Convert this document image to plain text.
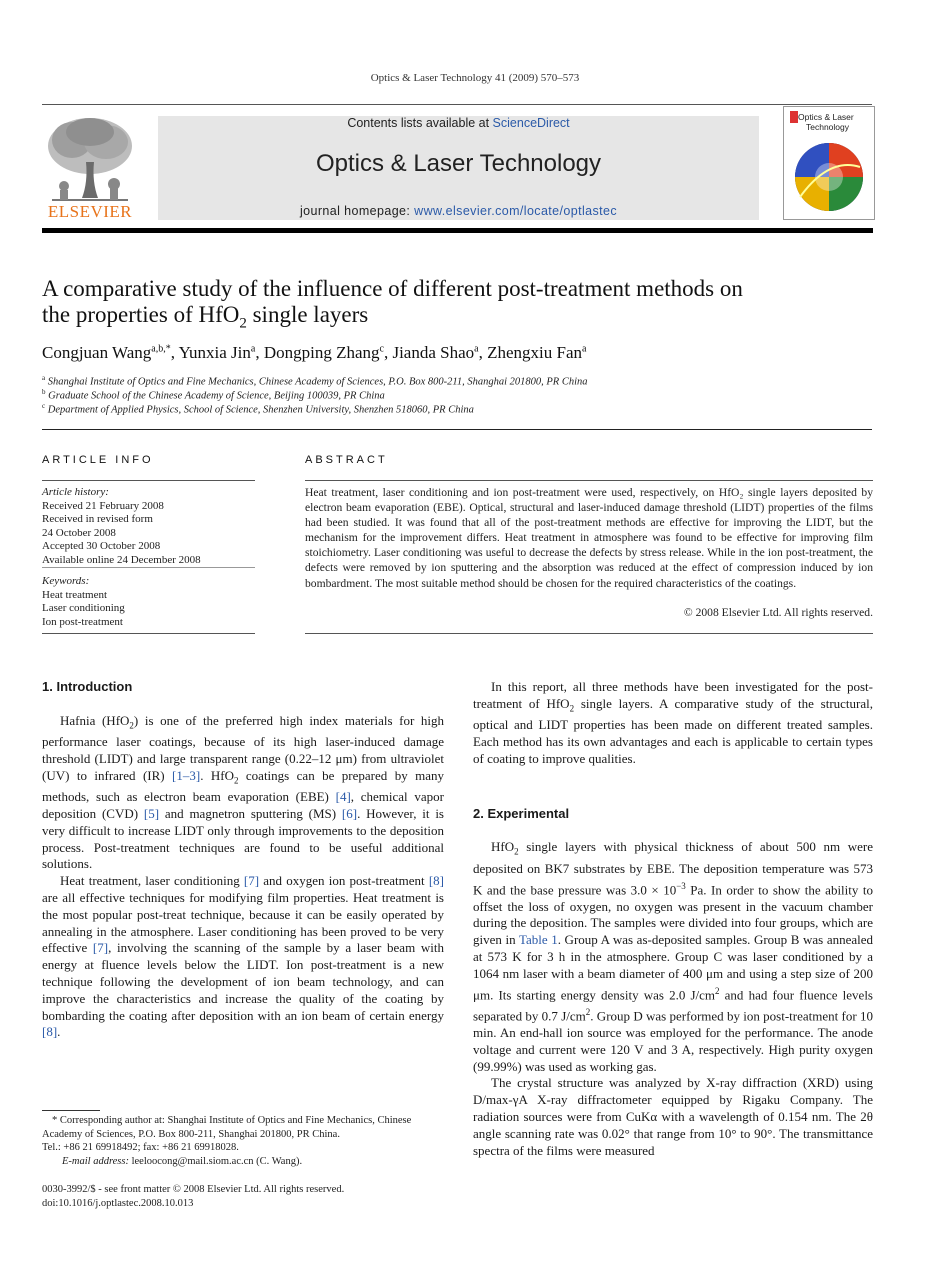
Optics & Laser Technology 41 (2009) 570–573
ELSEVIER
Contents lists available at ScienceDirect
Optics & Laser Technology
journal homepage: www.elsevier.com/locate/optlastec
Optics & Laser
Technology
A comparative study of the influence of different post-treatment methods on
the properties of HfO$_2$ single layers
Congjuan Wang$^{a,b,*}$, Yunxia Jin$^a$, Dongping Zhang$^c$, Jianda Shao$^a$, Zhengxiu Fan$^a$
$^a$ Shanghai Institute of Optics and Fine Mechanics, Chinese Academy of Sciences, P.O. Box 800-211, Shanghai 201800, PR China
$^b$ Graduate School of the Chinese Academy of Science, Beijing 100039, PR China
$^c$ Department of Applied Physics, School of Science, Shenzhen University, Shenzhen 518060, PR China
ARTICLE INFO
Article history:
Received 21 February 2008
Received in revised form
24 October 2008
Accepted 30 October 2008
Available online 24 December 2008
Keywords:
Heat treatment
Laser conditioning
Ion post-treatment
ABSTRACT
Heat treatment, laser conditioning and ion post-treatment were used, respectively, on HfO₂ single layers deposited by electron beam evaporation (EBE). Optical, structural and laser-induced damage threshold (LIDT) properties of the films had been studied. It was found that all of the post-treatment methods are effective for improving the LIDT, but the mechanism for the improvement differs. Heat treatment in atmosphere was found to be effective for improving film stoichiometry. Laser conditioning was useful to decrease the defects by stress release. While in the ion post-treatment, the defects were removed by ion sputtering and the absorption was reduced at the effect of compression induced by ion bombardment. The most suitable method should be chosen for the required characteristics of the coatings.
© 2008 Elsevier Ltd. All rights reserved.
1. Introduction

Hafnia (HfO$_2$) is one of the preferred high index materials for high performance laser coatings, because of its high laser-induced damage threshold (LIDT) and large transparent range (0.22–12 μm) from ultraviolet (UV) to infrared (IR) [1–3]. HfO$_2$ coatings can be prepared by many methods, such as electron beam evaporation (EBE) [4], chemical vapor deposition (CVD) [5] and magnetron sputtering (MS) [6]. However, it is very difficult to increase LIDT only through improvements to the deposition process. Post-treatment techniques are found to be useful additional solutions.

Heat treatment, laser conditioning [7] and oxygen ion post-treatment [8] are all effective techniques for modifying film properties. Heat treatment is the most popular post-treat technique, because it can be easily operated by annealing in the atmosphere. Laser conditioning has been proved to be very effective [7], involving the scanning of the sample by a laser beam with energy at fluence levels below the LIDT. Ion post-treatment is a new technique following the development of ion beam technology, and can improve the characteristics and increase the quality of the coating by bombarding the coating after deposition with an ion beam of certain energy [8].

In this report, all three methods have been investigated for the post-treatment of HfO$_2$ single layers. A comparative study of the structural, optical and LIDT properties has been made on different treated samples. Each method has its own advantages and each is applicable to certain types of coating to improve qualities.

2. Experimental

HfO$_2$ single layers with physical thickness of about 500 nm were deposited on BK7 substrates by EBE. The deposition temperature was 573 K and the base pressure was $3.0 \times 10^{-3}$ Pa. In order to show the ability to offset the loss of oxygen, no oxygen was present in the vacuum chamber during the deposition. The samples were divided into four groups, which are given in Table 1. Group A was as-deposited samples. Group B was annealed at 573 K for 3 h in the atmosphere. Group C was laser conditioned by a 1064 nm laser with a beam diameter of 400 μm and using a step size of 200 μm. Its starting energy density was 2.0 $J/cm^2$ and had four fluence levels separated by 0.7 $J/cm^2$. Group D was performed by ion post-treatment for 10 min. An end-hall ion source was employed for the performance. The anode voltage and current were 120 V and 3 A, respectively. High purity oxygen (99.99%) was used as working gas.

The crystal structure was analyzed by X-ray diffraction (XRD) using D/max-γA X-ray diffractometer equipped by Rigaku Company. The radiation sources were from CuKα with a wavelength of 0.154 nm. The 2θ angle scanning rate was 0.02° that range from 10° to 90°. The transmittance spectra of the films were measured

* Corresponding author at: Shanghai Institute of Optics and Fine Mechanics, Chinese Academy of Sciences, P.O. Box 800-211, Shanghai 201800, PR China.
Tel.: +86 21 69918492; fax: +86 21 69918028.
E-mail address: leeloocong@mail.siom.ac.cn (C. Wang).
0030-3992/$ - see front matter © 2008 Elsevier Ltd. All rights reserved.
doi:10.1016/j.optlastec.2008.10.013
